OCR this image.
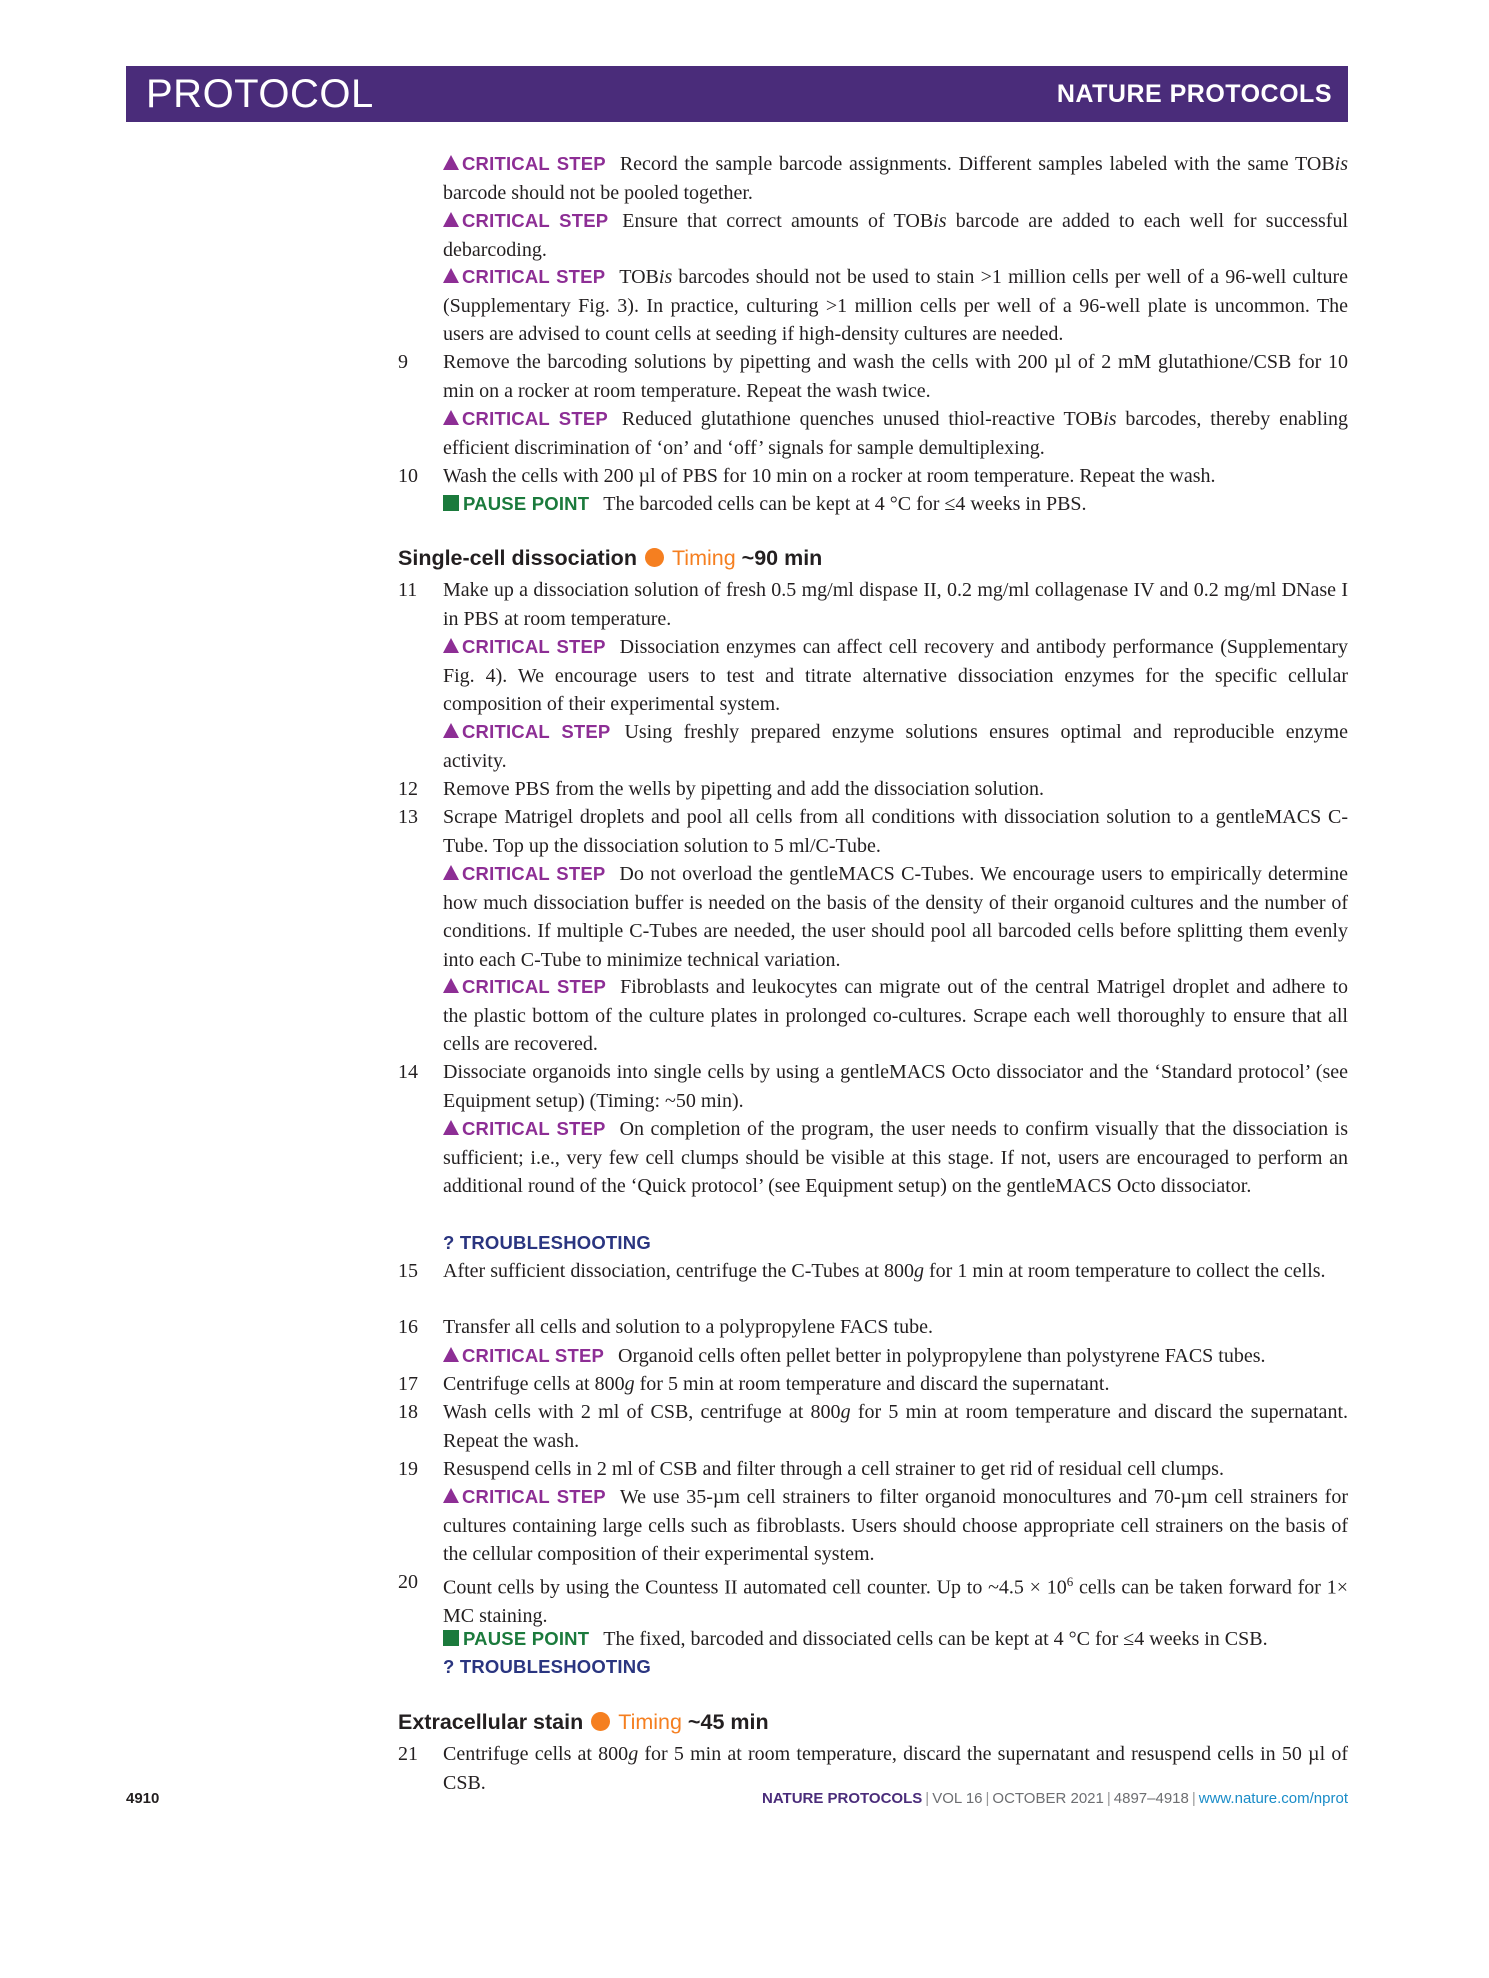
PROTOCOL	NATURE PROTOCOLS
CRITICAL STEP Record the sample barcode assignments. Different samples labeled with the same TOBis barcode should not be pooled together.
CRITICAL STEP Ensure that correct amounts of TOBis barcode are added to each well for successful debarcoding.
CRITICAL STEP TOBis barcodes should not be used to stain >1 million cells per well of a 96-well culture (Supplementary Fig. 3). In practice, culturing >1 million cells per well of a 96-well plate is uncommon. The users are advised to count cells at seeding if high-density cultures are needed.
9 Remove the barcoding solutions by pipetting and wash the cells with 200 µl of 2 mM glutathione/CSB for 10 min on a rocker at room temperature. Repeat the wash twice.
CRITICAL STEP Reduced glutathione quenches unused thiol-reactive TOBis barcodes, thereby enabling efficient discrimination of ‘on’ and ‘off’ signals for sample demultiplexing.
10 Wash the cells with 200 µl of PBS for 10 min on a rocker at room temperature. Repeat the wash.
PAUSE POINT The barcoded cells can be kept at 4 °C for ≤4 weeks in PBS.
Single-cell dissociation Timing ~90 min
11 Make up a dissociation solution of fresh 0.5 mg/ml dispase II, 0.2 mg/ml collagenase IV and 0.2 mg/ml DNase I in PBS at room temperature.
CRITICAL STEP Dissociation enzymes can affect cell recovery and antibody performance (Supplementary Fig. 4). We encourage users to test and titrate alternative dissociation enzymes for the specific cellular composition of their experimental system.
CRITICAL STEP Using freshly prepared enzyme solutions ensures optimal and reproducible enzyme activity.
12 Remove PBS from the wells by pipetting and add the dissociation solution.
13 Scrape Matrigel droplets and pool all cells from all conditions with dissociation solution to a gentleMACS C-Tube. Top up the dissociation solution to 5 ml/C-Tube.
CRITICAL STEP Do not overload the gentleMACS C-Tubes. We encourage users to empirically determine how much dissociation buffer is needed on the basis of the density of their organoid cultures and the number of conditions. If multiple C-Tubes are needed, the user should pool all barcoded cells before splitting them evenly into each C-Tube to minimize technical variation.
CRITICAL STEP Fibroblasts and leukocytes can migrate out of the central Matrigel droplet and adhere to the plastic bottom of the culture plates in prolonged co-cultures. Scrape each well thoroughly to ensure that all cells are recovered.
14 Dissociate organoids into single cells by using a gentleMACS Octo dissociator and the ‘Standard protocol’ (see Equipment setup) (Timing: ~50 min).
CRITICAL STEP On completion of the program, the user needs to confirm visually that the dissociation is sufficient; i.e., very few cell clumps should be visible at this stage. If not, users are encouraged to perform an additional round of the ‘Quick protocol’ (see Equipment setup) on the gentleMACS Octo dissociator.
? TROUBLESHOOTING
15 After sufficient dissociation, centrifuge the C-Tubes at 800g for 1 min at room temperature to collect the cells.
16 Transfer all cells and solution to a polypropylene FACS tube.
CRITICAL STEP Organoid cells often pellet better in polypropylene than polystyrene FACS tubes.
17 Centrifuge cells at 800g for 5 min at room temperature and discard the supernatant.
18 Wash cells with 2 ml of CSB, centrifuge at 800g for 5 min at room temperature and discard the supernatant. Repeat the wash.
19 Resuspend cells in 2 ml of CSB and filter through a cell strainer to get rid of residual cell clumps.
CRITICAL STEP We use 35-µm cell strainers to filter organoid monocultures and 70-µm cell strainers for cultures containing large cells such as fibroblasts. Users should choose appropriate cell strainers on the basis of the cellular composition of their experimental system.
20 Count cells by using the Countess II automated cell counter. Up to ~4.5 × $10^6$ cells can be taken forward for 1× MC staining.
PAUSE POINT The fixed, barcoded and dissociated cells can be kept at 4 °C for ≤4 weeks in CSB.
? TROUBLESHOOTING
Extracellular stain Timing ~45 min
21 Centrifuge cells at 800g for 5 min at room temperature, discard the supernatant and resuspend cells in 50 µl of CSB.
4910	NATURE PROTOCOLS | VOL 16 | OCTOBER 2021 | 4897–4918 | www.nature.com/nprot
